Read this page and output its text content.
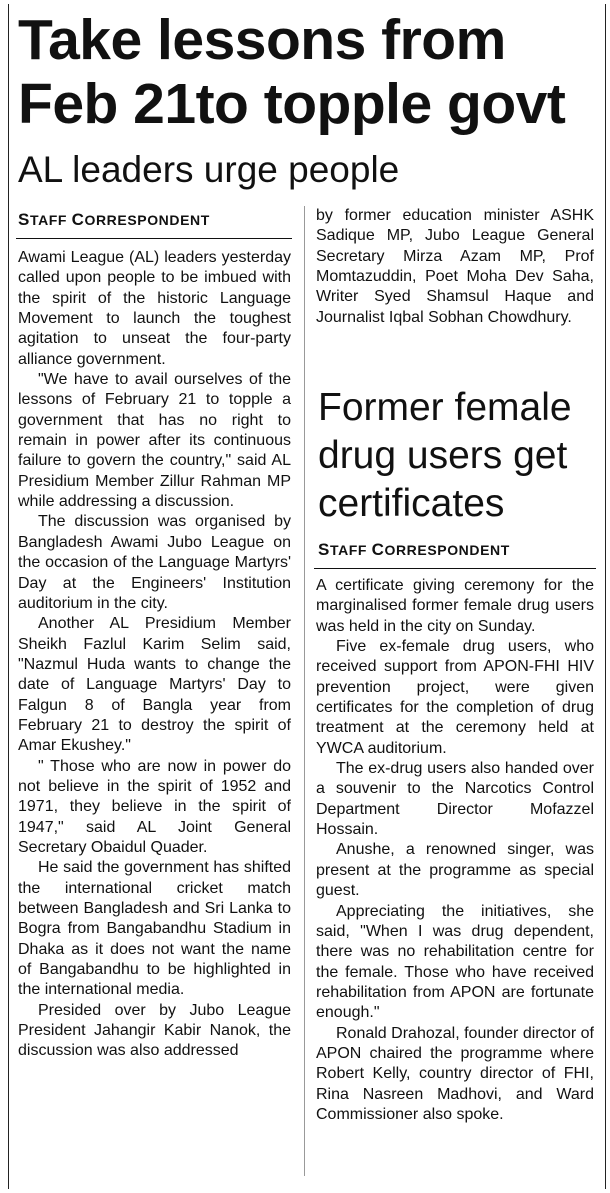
Take lessons from
Feb 21to topple govt
AL leaders urge people
STAFF CORRESPONDENT

Awami League (AL) leaders yesterday called upon people to be imbued with the spirit of the historic Language Movement to launch the toughest agitation to unseat the four-party alliance government.

"We have to avail ourselves of the lessons of February 21 to topple a government that has no right to remain in power after its continuous failure to govern the country," said AL Presidium Member Zillur Rahman MP while addressing a discussion.

The discussion was organised by Bangladesh Awami Jubo League on the occasion of the Language Martyrs' Day at the Engineers' Institution auditorium in the city.

Another AL Presidium Member Sheikh Fazlul Karim Selim said, "Nazmul Huda wants to change the date of Language Martyrs' Day to Falgun 8 of Bangla year from February 21 to destroy the spirit of Amar Ekushey."

" Those who are now in power do not believe in the spirit of 1952 and 1971, they believe in the spirit of 1947," said AL Joint General Secretary Obaidul Quader.

He said the government has shifted the international cricket match between Bangladesh and Sri Lanka to Bogra from Bangabandhu Stadium in Dhaka as it does not want the name of Bangabandhu to be highlighted in the international media.

Presided over by Jubo League President Jahangir Kabir Nanok, the discussion was also addressed

by former education minister ASHK Sadique MP, Jubo League General Secretary Mirza Azam MP, Prof Momtazuddin, Poet Moha Dev Saha, Writer Syed Shamsul Haque and Journalist Iqbal Sobhan Chowdhury.

Former female drug users get certificates
STAFF CORRESPONDENT

A certificate giving ceremony for the marginalised former female drug users was held in the city on Sunday.

Five ex-female drug users, who received support from APON-FHI HIV prevention project, were given certificates for the completion of drug treatment at the ceremony held at YWCA auditorium.

The ex-drug users also handed over a souvenir to the Narcotics Control Department Director Mofazzel Hossain.

Anushe, a renowned singer, was present at the programme as special guest.

Appreciating the initiatives, she said, "When I was drug dependent, there was no rehabilitation centre for the female. Those who have received rehabilitation from APON are fortunate enough."

Ronald Drahozal, founder director of APON chaired the programme where Robert Kelly, country director of FHI, Rina Nasreen Madhovi, and Ward Commissioner also spoke.
